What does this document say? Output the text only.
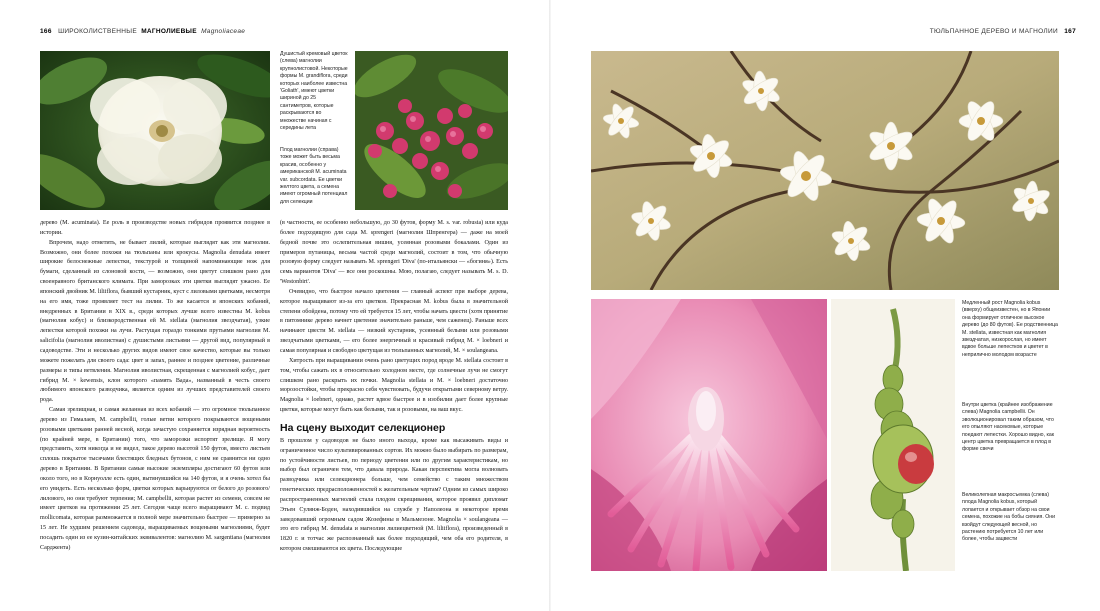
166 ШИРОКОЛИСТВЕННЫЕ МАГНОЛИЕВЫЕ Magnoliaceae	ТЮЛЬПАННОЕ ДЕРЕВО И МАГНОЛИИ 167
Душистый кремовый цветок (слева) магнолии крупнолистовой. Некоторые формы M. grandiflora, среди которых наиболее известна 'Goliath', имеют цветки шириной до 25 сантиметров, которые раскрываются во множестве начиная с середины лета
Плод магнолии (справа) тоже может быть весьма красив, особенно у американской M. acuminata var. subcordata. Ее цветки желтого цвета, а семена имеют огромный потенциал для селекции

дерево (M. acuminata). Ее роль в производстве новых гибридов проявится позднее в истории.

Впрочем, надо отметить, не бывает лилий, которые выглядят как эти магнолии. Возможно, они более похожи на тюльпаны или крокусы. Magnolia denudata имеет широкие белоснежные лепестки, текстурой и толщиной напоминающие нож для бумаги, сделанный из слоновой кости, — возможно, они цветут слишком рано для своенравного британского климата. При заморозках эти цветки выглядят ужасно. Ее японский двойник M. liliiflora, бывший кустарник, куст с лиловыми цветками, несмотря на его имя, тоже проявляет тест на лилии. То же касается и японских кобаний, внедренных в Британии в XIX в., среди которых лучше всего известны M. kobus (магнолия кобус) и близкородственная ей M. stellata (магнолия звездчатая), узкие лепестки которой похожи на лучи. Растущая гораздо тонкими прутьями магнолия M. salicifolia (магнолия иволистная) с душистыми листьями — другой вид, популярный в садоводстве. Эти и несколько других видов имеют свое качество, которые вы только можете пожелать для своего сада: цвет и запах, раннее и позднее цветение, различные размеры и типы ветвления. Магнолия иволистная, скрещенная с магнолией кобус, дает гибрид M. × kewensis, клон которого «память Вада», названный в честь своего любимого японского разводчика, является одним из лучших представителей своего рода.

Самая зрелищная, и самая желанная из всех кобаний — это огромное тюльпанное дерево из Гималаев, M. campbellii, голые ветви которого покрываются вощеными розовыми цветками ранней весной, когда зачастую сохраняется изрядная вероятность (по крайней мере, в Британии) того, что заморозки испортят зрелище. Я могу представить, хотя никогда и не видел, такое дерево высотой 150 футов, вместо листьев сплошь покрытое тысячами блестящих бледных бутонов, с ним не сравнится ни одно дерево в Британии. В Британии самые высокие экземпляры достигают 60 футов или около того, но в Корнуолле есть один, вытянувшийся на 140 футов, и я очень хотел бы его увидеть. Есть несколько форм, цветки которых варьируются от белого до розового/лилового, но они требуют терпения; M. campbellii, которая растет из семени, совсем не имеет цветков на протяжении 25 лет. Сегодня чаще всего выращивают M. c. подвид mollicomata, которая размножается в полной мере значительно быстрее — примерно за 15 лет. Не худшим решением садовода, выращиваемых вощеными магнолиями, будет посадить один из ее кузин-китайских эквивалентов: магнолию M. sargentiana (магнолия Сарджента)

(в частности, ее особенно небольшую, до 30 футов, форму M. s. var. robusta) или куда более подходящую для сада M. sprengeri (магнолия Шпренгера) — даже на моей бедной почве это ослепительная вишня, усеянная розовыми бокалами. Один из примеров путаницы, весьма частой среди магнолий, состоит в том, что обычную розовую форму следует называть M. sprengeri 'Diva' (по-итальянски — «богиня»). Есть семь вариантов 'Diva' — все они роскошны. Мою, полагаю, следует называть M. s. D. 'Westonbirt'.

Очевидно, что быстрое начало цветения — главный аспект при выборе дерева, которое выращивают из-за его цветков. Прекрасная M. kobus была в значительной степени обойдена, потому что ей требуется 15 лет, чтобы начать цвести (хотя принятие в питомнике дерево начнет цветение значительно раньше, чем саженец). Раньше всех начинают цвести M. stellata — низкий кустарник, усеянный белыми или розовыми звездчатыми цветками, — его более энергичный и красивый гибрид M. × loebneri и самая популярная и свободно цветущая из тюльпанных магнолий, M. × soulangeana.

Хитрость при выращивании очень рано цветущих пород вроде M. stellata состоит в том, чтобы сажать их в относительно холодном месте, где солнечные лучи не смогут слишком рано раскрыть их почки. Magnolia stellata и M. × loebneri достаточно морозостойки, чтобы прекрасно себя чувствовать, будучи открытыми северному ветру. Magnolia × loebneri, однако, растет вдвое быстрее и в изобилии дает более крупные цветки, которые могут быть как белыми, так и розовыми, на ваш вкус.

На сцену выходит селекционер

В прошлом у садоводов не было иного выхода, кроме как высаживать виды и ограниченное число культивированных сортов. Их можно было выбирать по размерам, по устойчивости листьев, по периоду цветения или по другим характеристикам, но выбор был ограничен тем, что давала природа. Какая перспектива могла волновать разводчика или селекционера больше, чем семейство с таким множеством генетических предрасположенностей к желательным чертам? Одним из самых широко распространенных магнолий стала плодом скрещивания, которое проявил дипломат Этьен Сулянж-Боден, находившийся на службе у Наполеона и некоторое время заведовавший огромным садом Жозефины в Мальмезоне. Magnolia × soulangeana — это его гибрид M. denudata и магнолии лилиецветной (M. liliiflora), произведенный в 1820 г. и тотчас же распознанный как более подходящий, чем оба его родителя, в котором смешиваются их цвета. Последующие

Медленный рост Magnolia kobus (вверху) общеизвестен, но в Японии она формирует отличное высокое дерево (до 80 футов). Ее родственница M. stellata, известная как магнолия звездчатая, низкорослая, но имеет вдвое больше лепестков и цветет в неприлично молодом возрасте
Внутри цветка (крайнее изображение слева) Magnolia campbellii. Он эволюционировал таким образом, что его опыляют насекомые, которые поедают лепестки. Хорошо видно, как центр цветка превращается в плод в форме свечи
Великолепная макросъемка (слева) плода Magnolia kobus, который лопается и открывает обзор на свои семена, похожие на бобы сияния. Они взойдут следующей весной, но растению потребуется 10 лет или более, чтобы зацвести
